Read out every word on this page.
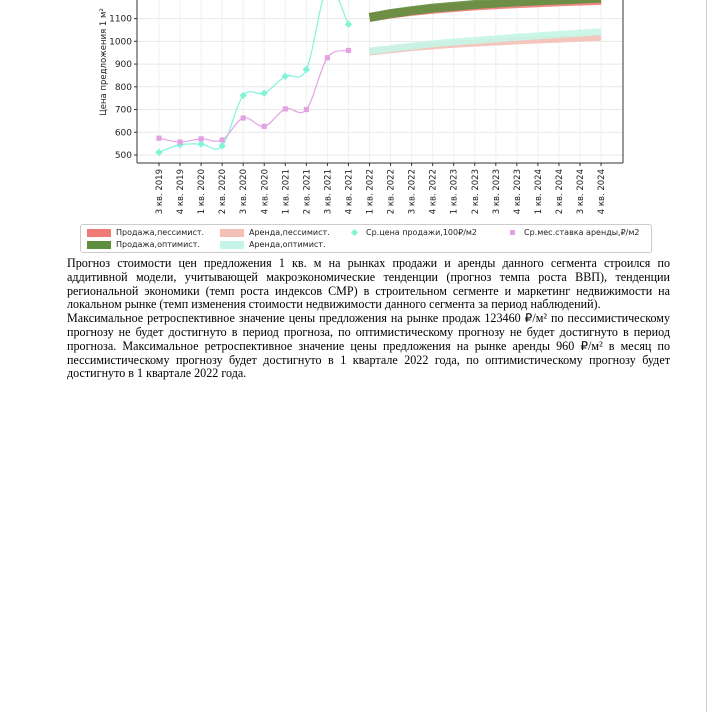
500
600
700
800
900
1000
1100
3 кв. 2019 4 кв. 2019 1 кв. 2020 2 кв. 2020 3 кв. 2020 4 кв. 2020 1 кв. 2021 2 кв. 2021 3 кв. 2021 4 кв. 2021 1 кв. 2022 2 кв. 2022 3 кв. 2022 4 кв. 2022 1 кв. 2023 2 кв. 2023 3 кв. 2023 4 кв. 2023 1 кв. 2024 2 кв. 2024 3 кв. 2024 4 кв. 2024
Цена предложения 1 м²
Продажа,пессимист.	Аренда,пессимист.	Ср.цена продажи,100₽/м2	Ср.мес.ставка аренды,₽/м2
Продажа,оптимист.	Аренда,оптимист.

Прогноз стоимости цен предложения 1 кв. м на рынках продажи и аренды данного сегмента строился по аддитивной модели, учитывающей макроэкономические тенденции (прогноз темпа роста ВВП), тенденции региональной экономики (темп роста индексов СМР) в строительном сегменте и маркетинг недвижимости на локальном рынке (темп изменения стоимости недвижимости данного сегмента за период наблюдений).

Максимальное ретроспективное значение цены предложения на рынке продаж 123460 ₽/м² по пессимистическому прогнозу не будет достигнуто в период прогноза, по оптимистическому прогнозу не будет достигнуто в период прогноза. Максимальное ретроспективное значение цены предложения на рынке аренды 960 ₽/м² в месяц по пессимистическому прогнозу будет достигнуто в 1 квартале 2022 года, по оптимистическому прогнозу будет достигнуто в 1 квартале 2022 года.
